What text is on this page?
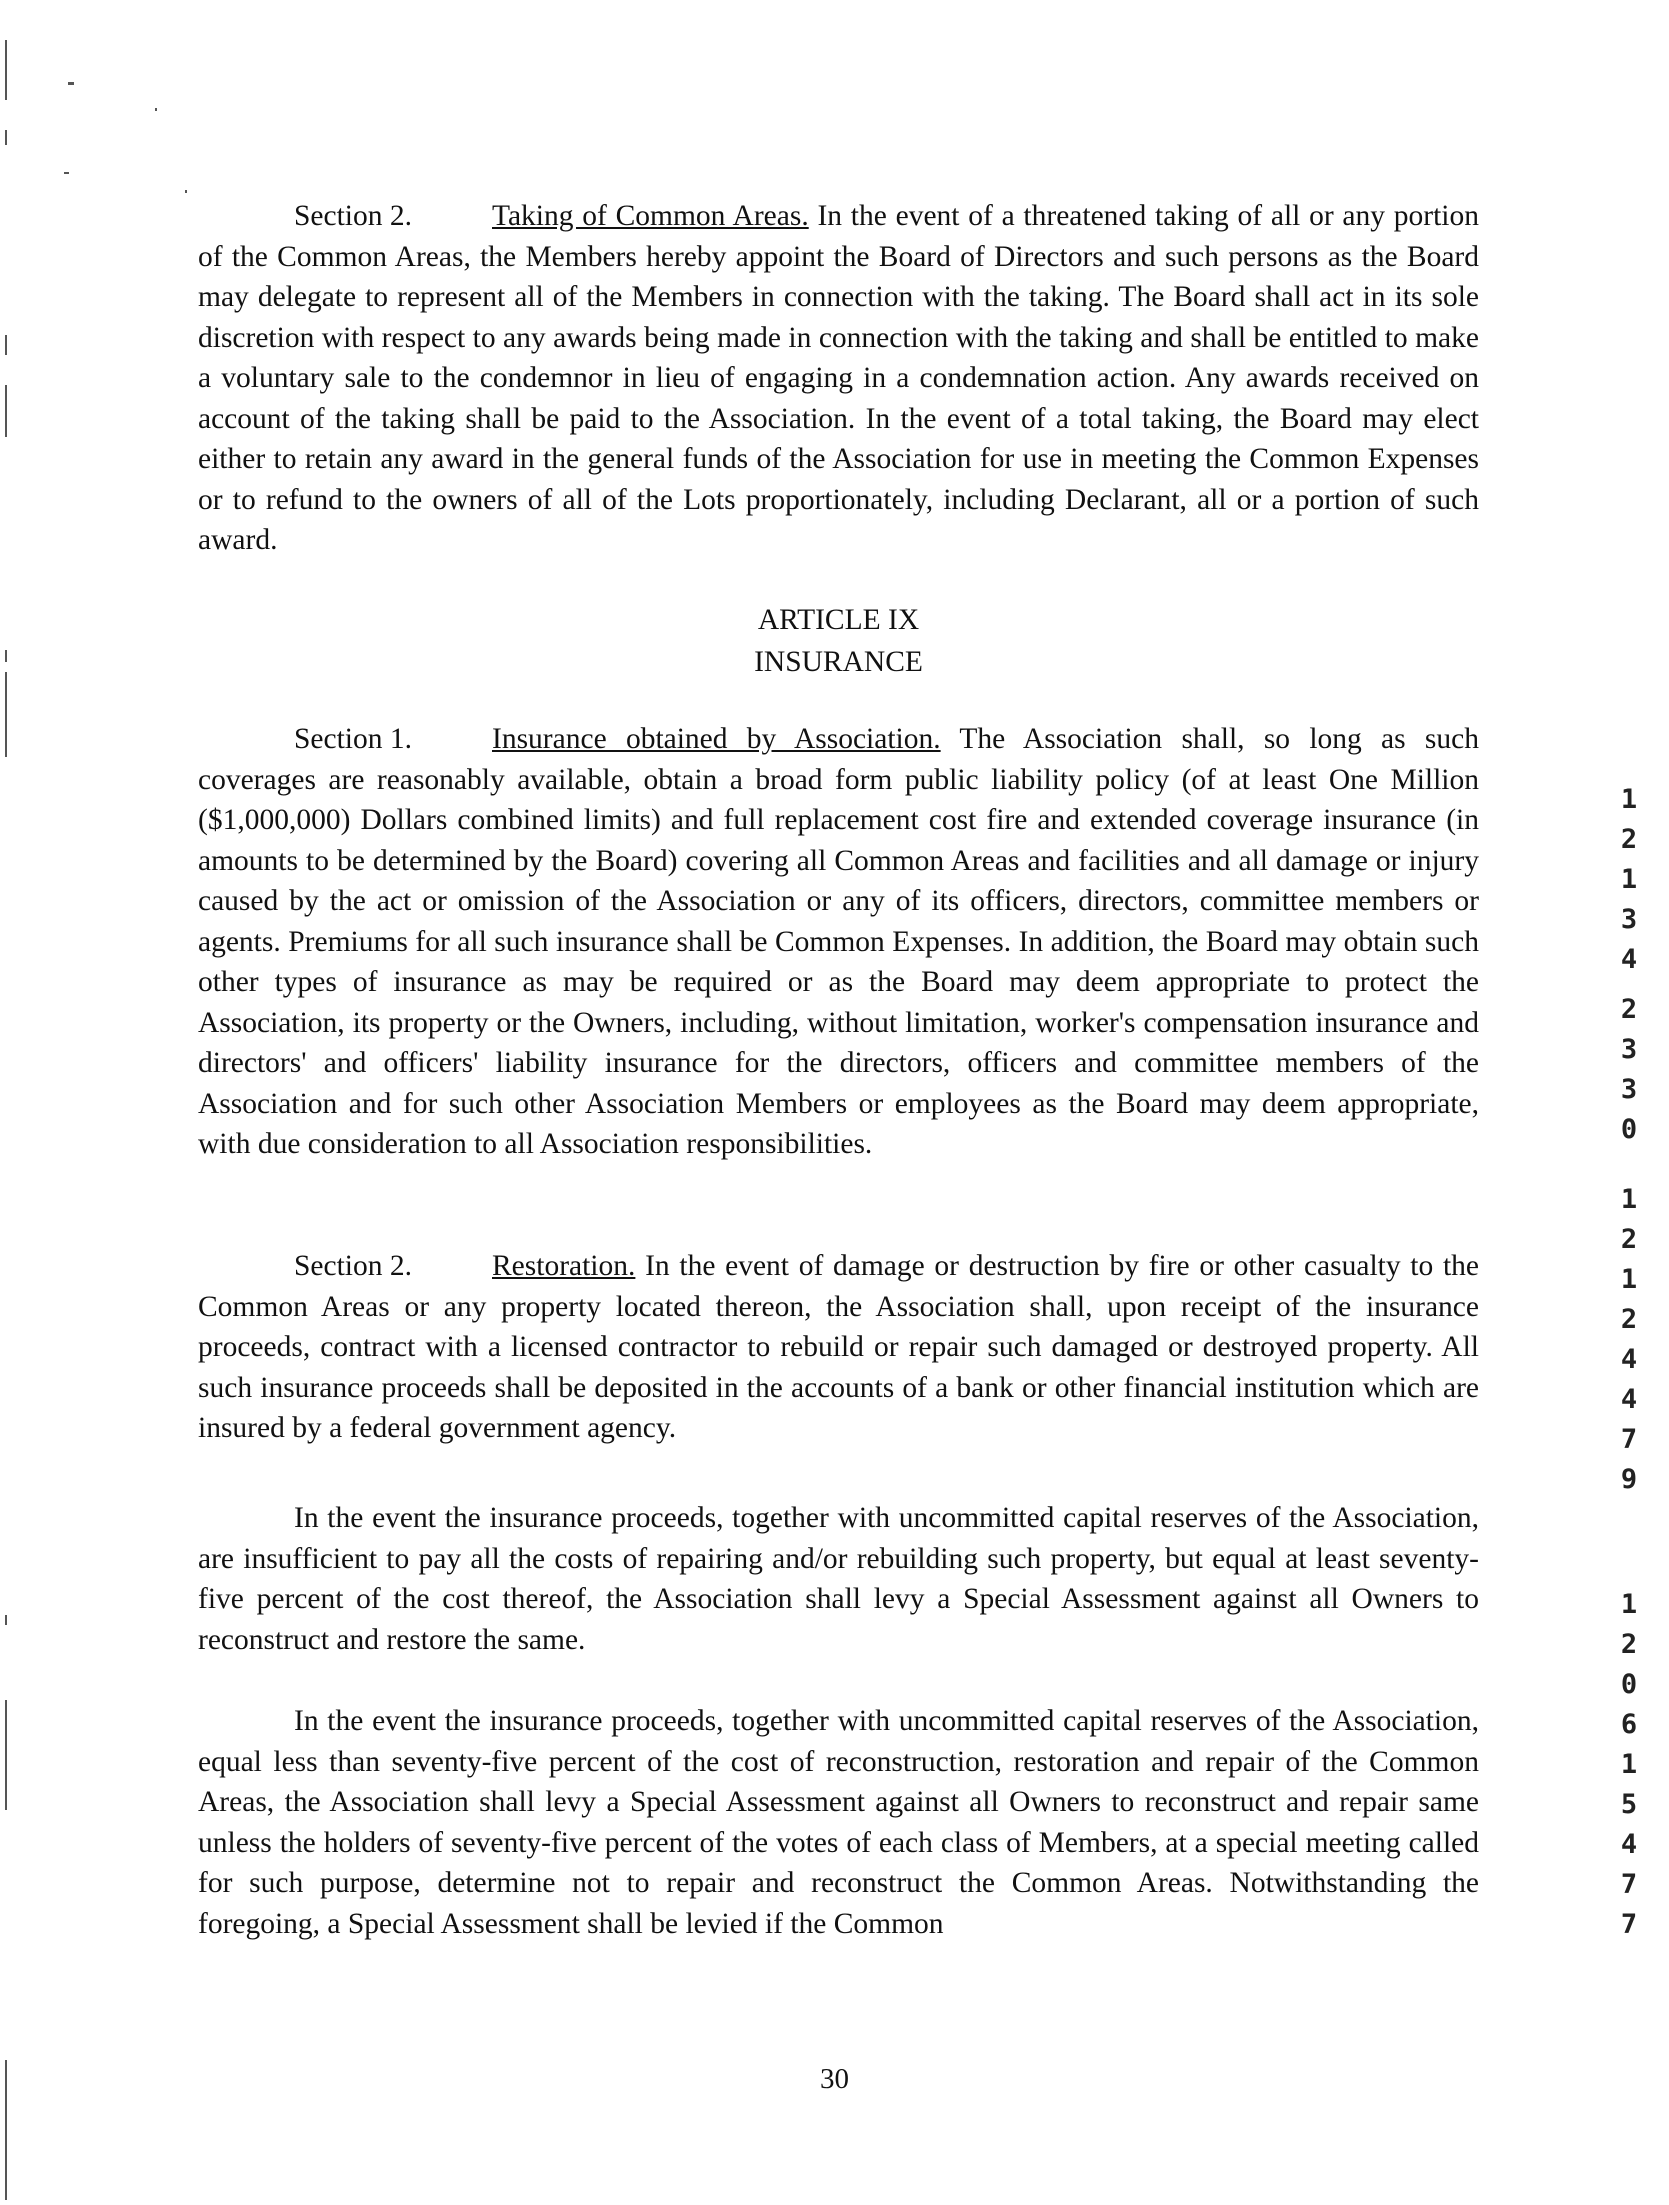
Section 2.	Taking of Common Areas. In the event of a threatened taking of all or any portion of the Common Areas, the Members hereby appoint the Board of Directors and such persons as the Board may delegate to represent all of the Members in connection with the taking. The Board shall act in its sole discretion with respect to any awards being made in connection with the taking and shall be entitled to make a voluntary sale to the condemnor in lieu of engaging in a condemnation action. Any awards received on account of the taking shall be paid to the Association. In the event of a total taking, the Board may elect either to retain any award in the general funds of the Association for use in meeting the Common Expenses or to refund to the owners of all of the Lots proportionately, including Declarant, all or a portion of such award.
ARTICLE IX
INSURANCE
Section 1.	Insurance obtained by Association. The Association shall, so long as such coverages are reasonably available, obtain a broad form public liability policy (of at least One Million ($1,000,000) Dollars combined limits) and full replacement cost fire and extended coverage insurance (in amounts to be determined by the Board) covering all Common Areas and facilities and all damage or injury caused by the act or omission of the Association or any of its officers, directors, committee members or agents. Premiums for all such insurance shall be Common Expenses. In addition, the Board may obtain such other types of insurance as may be required or as the Board may deem appropriate to protect the Association, its property or the Owners, including, without limitation, worker's compensation insurance and directors' and officers' liability insurance for the directors, officers and committee members of the Association and for such other Association Members or employees as the Board may deem appropriate, with due consideration to all Association responsibilities.
Section 2.	Restoration. In the event of damage or destruction by fire or other casualty to the Common Areas or any property located thereon, the Association shall, upon receipt of the insurance proceeds, contract with a licensed contractor to rebuild or repair such damaged or destroyed property. All such insurance proceeds shall be deposited in the accounts of a bank or other financial institution which are insured by a federal government agency.
In the event the insurance proceeds, together with uncommitted capital reserves of the Association, are insufficient to pay all the costs of repairing and/or rebuilding such property, but equal at least seventy-five percent of the cost thereof, the Association shall levy a Special Assessment against all Owners to reconstruct and restore the same.
In the event the insurance proceeds, together with uncommitted capital reserves of the Association, equal less than seventy-five percent of the cost of reconstruction, restoration and repair of the Common Areas, the Association shall levy a Special Assessment against all Owners to reconstruct and repair same unless the holders of seventy-five percent of the votes of each class of Members, at a special meeting called for such purpose, determine not to repair and reconstruct the Common Areas. Notwithstanding the foregoing, a Special Assessment shall be levied if the Common
30
1
2
1
3
4
2
3
3
0
1
2
1
2
4
4
7
9
1
2
0
6
1
5
4
7
7
